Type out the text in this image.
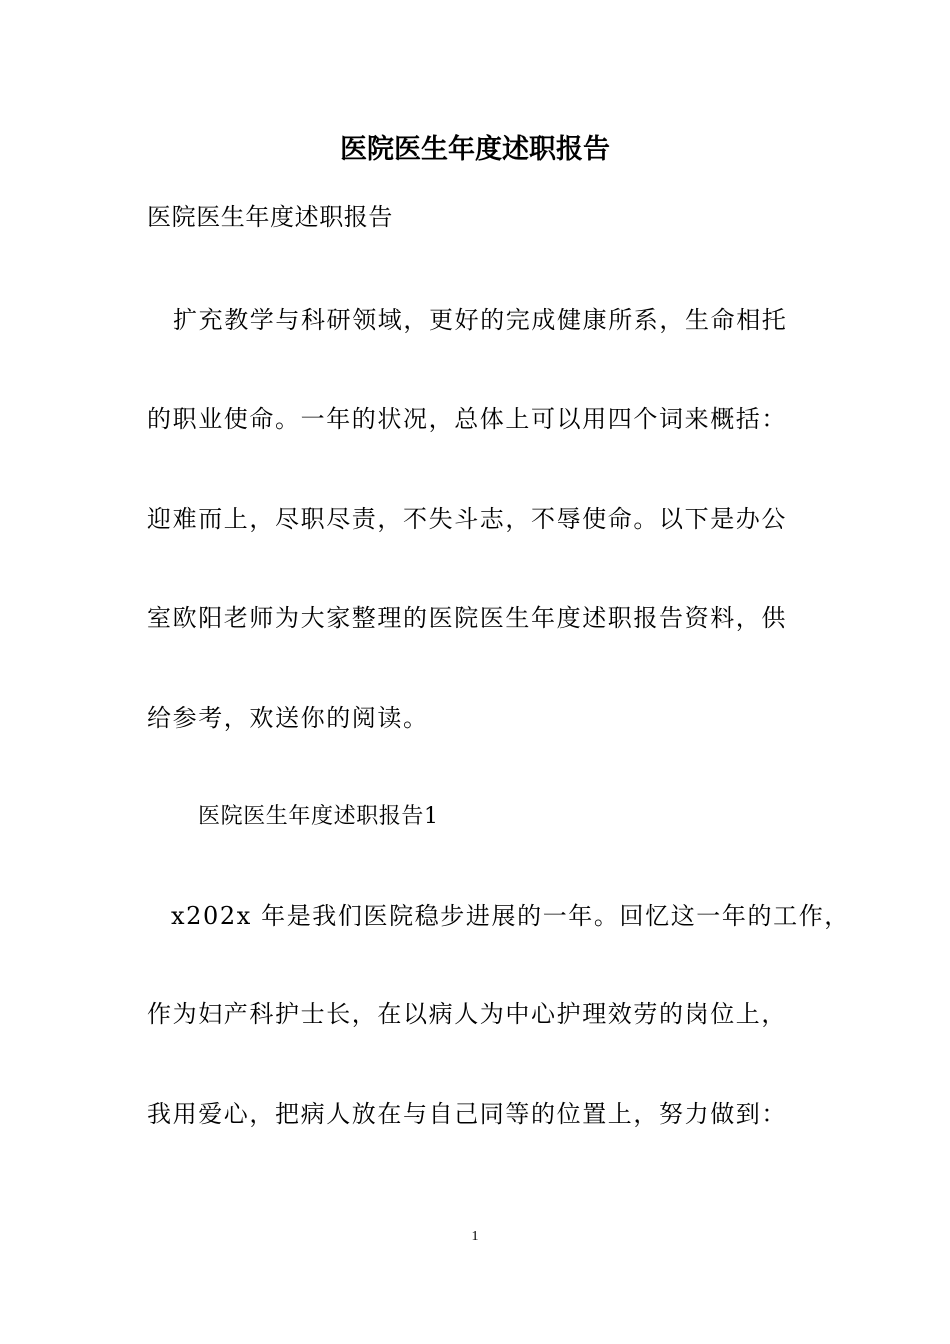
医院医生年度述职报告

医院医生年度述职报告

扩充教学与科研领域，更好的完成健康所系，生命相托

的职业使命。一年的状况，总体上可以用四个词来概括：

迎难而上，尽职尽责，不失斗志，不辱使命。以下是办公

室欧阳老师为大家整理的医院医生年度述职报告资料，供

给参考，欢送你的阅读。

医院医生年度述职报告1

x202x 年是我们医院稳步进展的一年。回忆这一年的工作，

作为妇产科护士长，在以病人为中心护理效劳的岗位上，

我用爱心，把病人放在与自己同等的位置上，努力做到：

1
